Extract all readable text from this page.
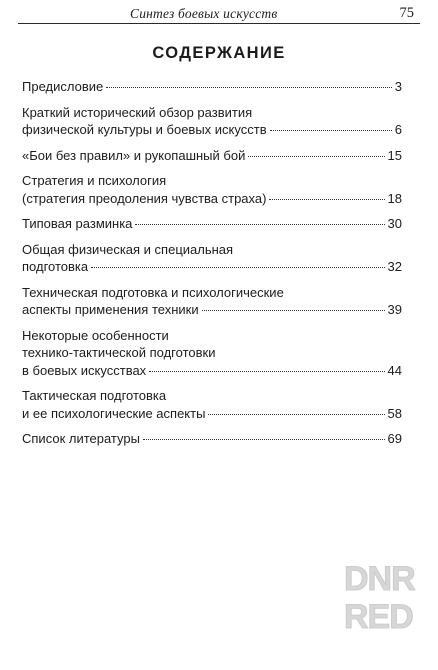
Синтез боевых искусств	75
СОДЕРЖАНИЕ
Предисловие	3
Краткий исторический обзор развития
физической культуры и боевых искусств	6
«Бои без правил» и рукопашный бой	15
Стратегия и психология
(стратегия преодоления чувства страха)	18
Типовая разминка	30
Общая физическая и специальная
подготовка	32
Техническая подготовка и психологические
аспекты применения техники	39
Некоторые особенности
технико-тактической подготовки
в боевых искусствах	44
Тактическая подготовка
и ее психологические аспекты	58
Список литературы	69
DNR
RED
